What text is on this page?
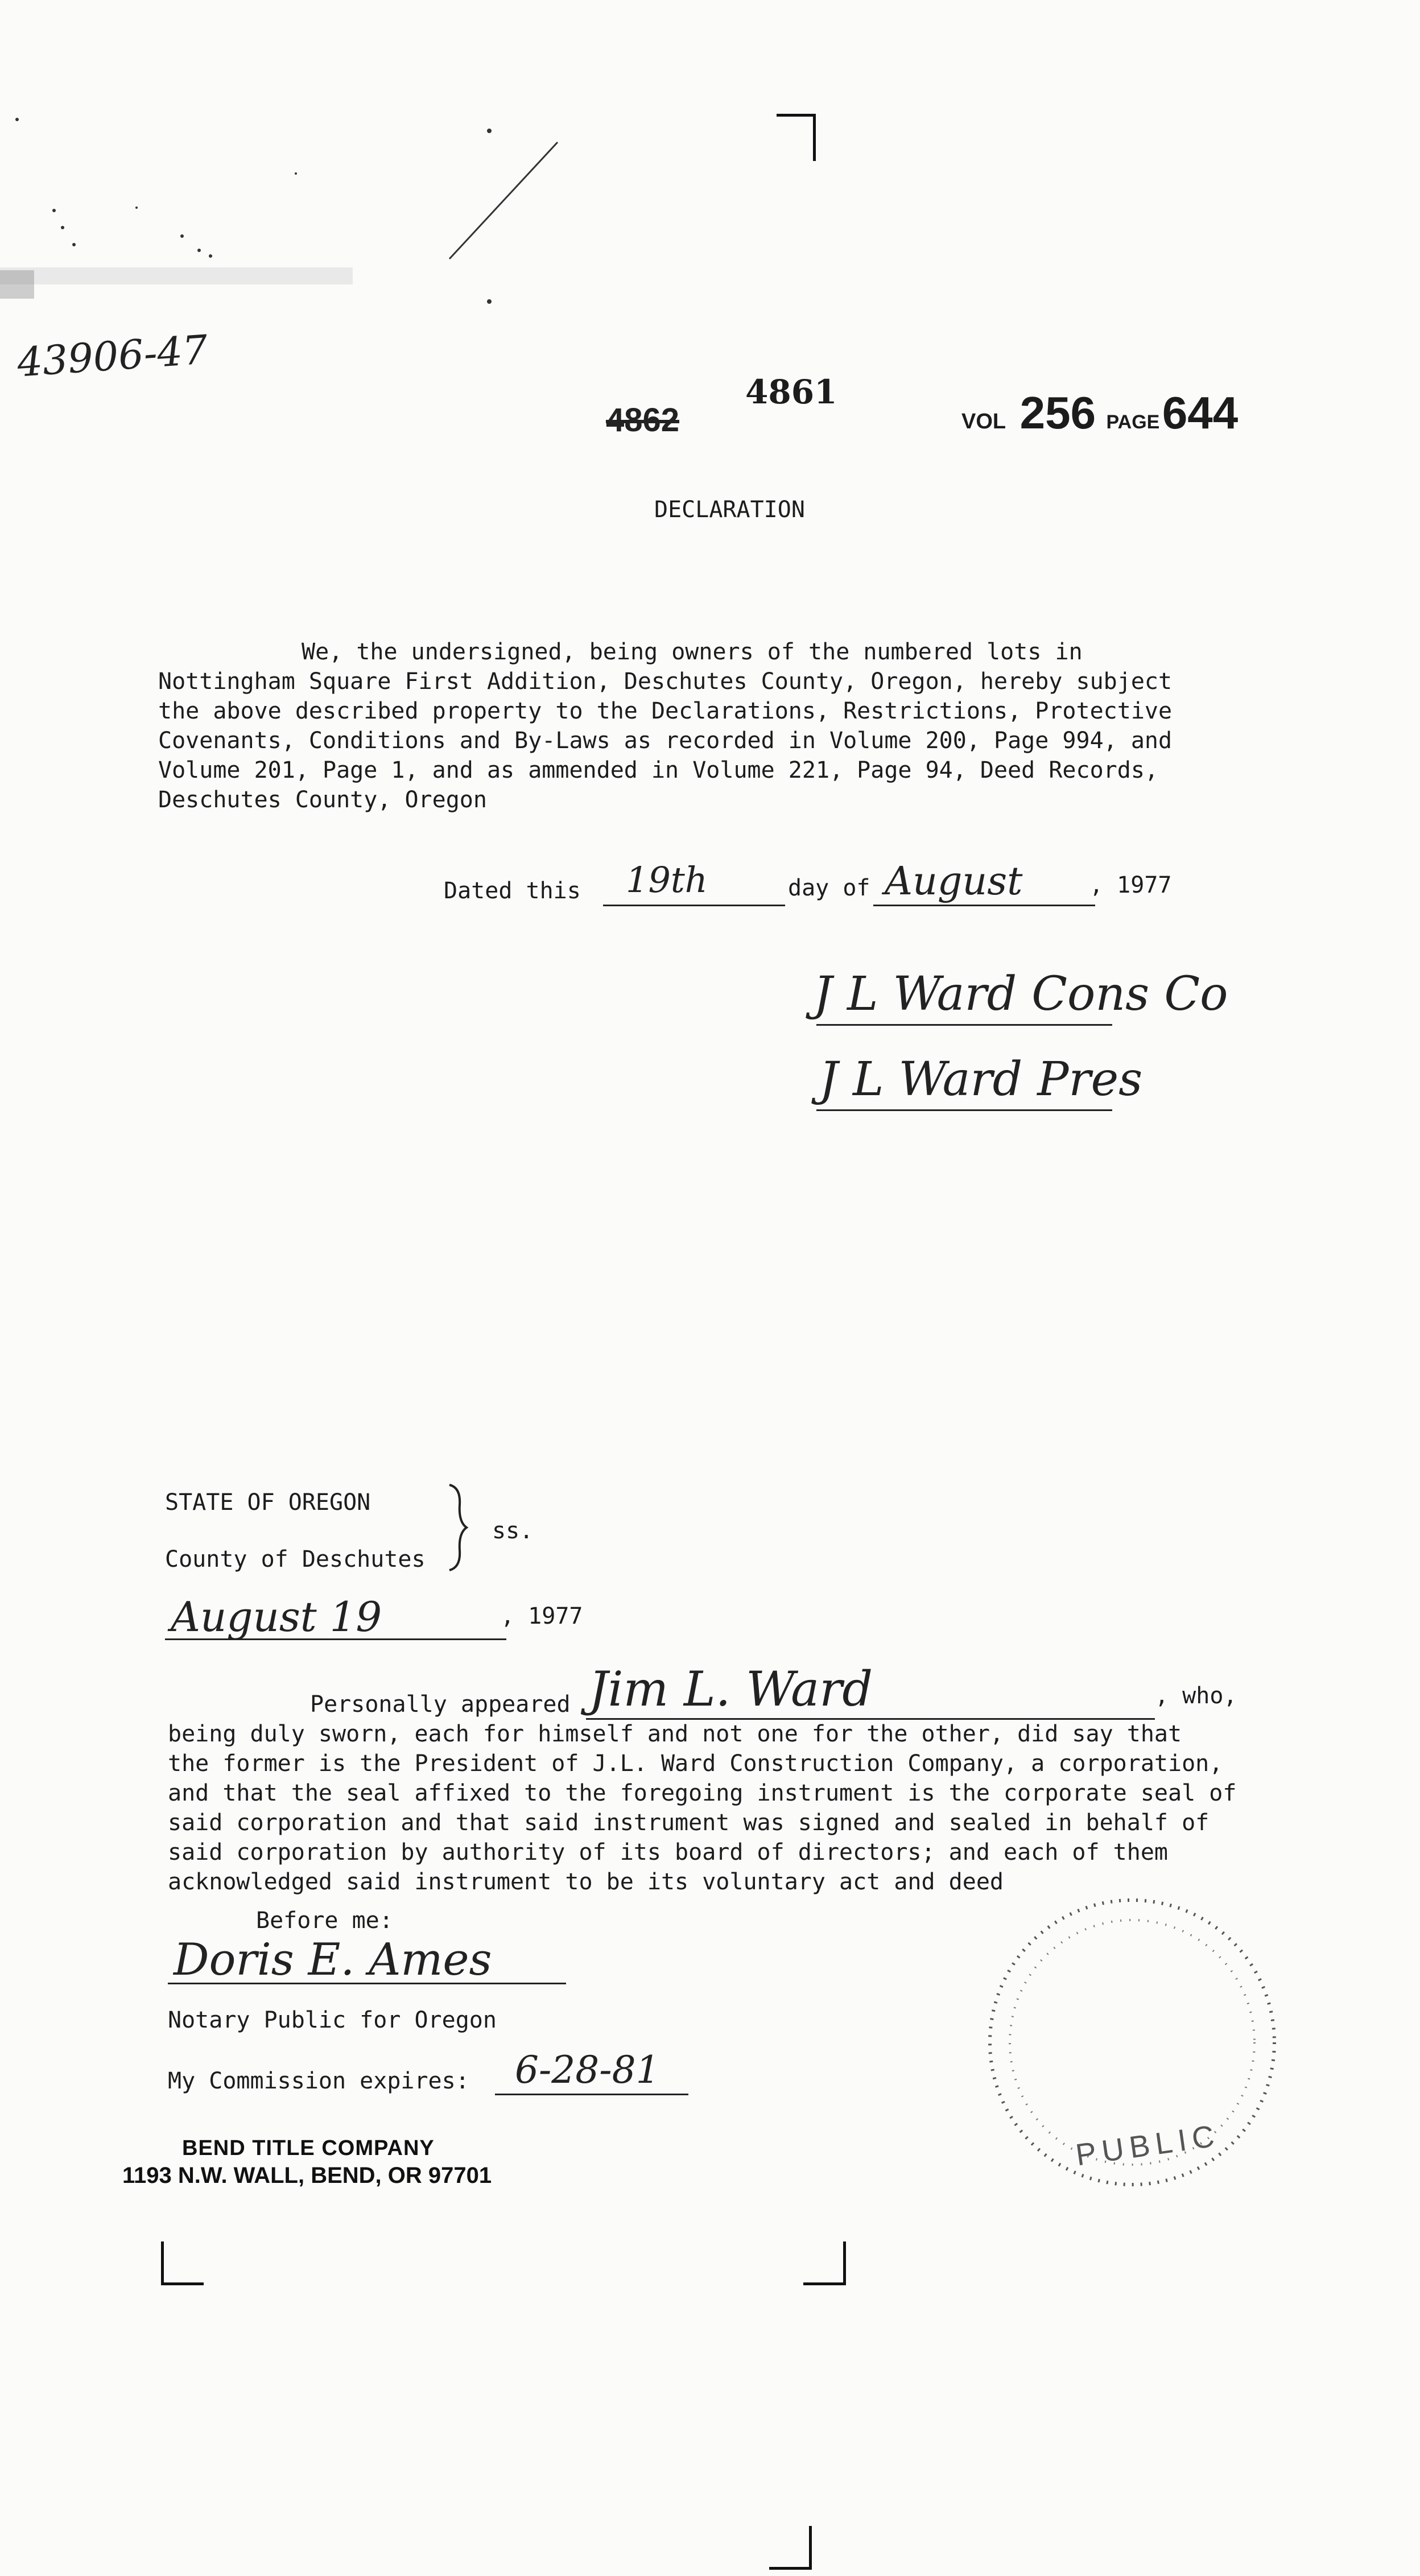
43906-47
4862
4861
VOL 256 PAGE 644
DECLARATION
We, the undersigned, being owners of the numbered lots in
Nottingham Square First Addition, Deschutes County, Oregon, hereby subject
the above described property to the Declarations, Restrictions, Protective
Covenants, Conditions and By-Laws as recorded in Volume 200, Page 994, and
Volume 201, Page 1, and as ammended in Volume 221, Page 94, Deed Records,
Deschutes County, Oregon
Dated this 19th	day of August	, 1977
J L Ward Cons Co
J L Ward Pres
STATE OF OREGON
County of Deschutes
ss.
August 19	, 1977
Personally appeared Jim L. Ward	, who,
being duly sworn, each for himself and not one for the other, did say that
the former is the President of J.L. Ward Construction Company, a corporation,
and that the seal affixed to the foregoing instrument is the corporate seal of
said corporation and that said instrument was signed and sealed in behalf of
said corporation by authority of its board of directors; and each of them
acknowledged said instrument to be its voluntary act and deed
Before me:
Doris E. Ames
Notary Public for Oregon
My Commission expires: 6-28-81
BEND TITLE COMPANY
1193 N.W. WALL, BEND, OR 97701
PUBLIC
